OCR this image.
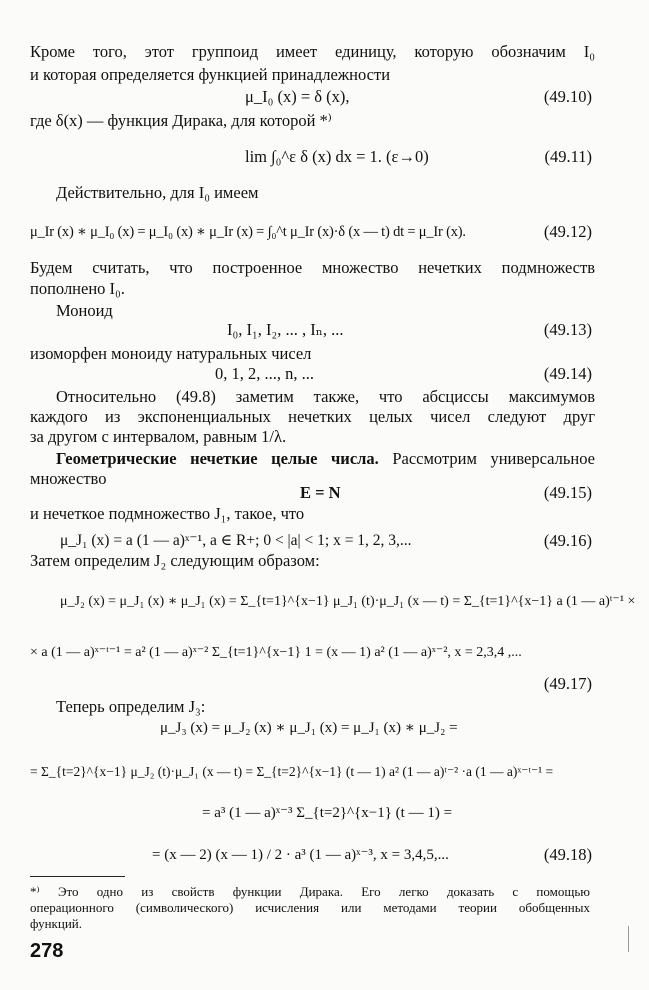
Кроме того, этот группоид имеет единицу, которую обозначим I₀
и которая определяется функцией принадлежности
μ_I₀ (x) = δ (x),	(49.10)
где δ(x) — функция Дирака, для которой *⁾
lim ∫₀^ε δ (x) dx = 1. (ε→0)	(49.11)
Действительно, для I₀ имеем
μ_Ir (x) ∗ μ_I₀ (x) = μ_I₀ (x) ∗ μ_Ir (x) = ∫₀^t μ_Ir (x)·δ (x — t) dt = μ_Ir (x).	(49.12)
Будем считать, что построенное множество нечетких подмножеств
пополнено I₀.
Моноид
I₀, I₁, I₂, ... , Iₙ, ...	(49.13)
изоморфен моноиду натуральных чисел
0, 1, 2, ..., n, ...	(49.14)
Относительно (49.8) заметим также, что абсциссы максимумов
каждого из экспоненциальных нечетких целых чисел следуют друг
за другом с интервалом, равным 1/λ.
Геометрические нечеткие целые числа. Рассмотрим универсальное
множество
E = N	(49.15)
и нечеткое подмножество J₁, такое, что
μ_J₁ (x) = a (1 — a)ˣ⁻¹, a ∈ R+; 0 < |a| < 1; x = 1, 2, 3,...	(49.16)
Затем определим J₂ следующим образом:
μ_J₂ (x) = μ_J₁ (x) ∗ μ_J₁ (x) = Σ_{t=1}^{x−1} μ_J₁ (t)·μ_J₁ (x — t) = Σ_{t=1}^{x−1} a (1 — a)ᵗ⁻¹ ×
× a (1 — a)ˣ⁻ᵗ⁻¹ = a² (1 — a)ˣ⁻² Σ_{t=1}^{x−1} 1 = (x — 1) a² (1 — a)ˣ⁻², x = 2,3,4 ,...
(49.17)
Теперь определим J₃:
μ_J₃ (x) = μ_J₂ (x) ∗ μ_J₁ (x) = μ_J₁ (x) ∗ μ_J₂ =
= Σ_{t=2}^{x−1} μ_J₂ (t)·μ_J₁ (x — t) = Σ_{t=2}^{x−1} (t — 1) a² (1 — a)ᵗ⁻² ·a (1 — a)ˣ⁻ᵗ⁻¹ =
= a³ (1 — a)ˣ⁻³ Σ_{t=2}^{x−1} (t — 1) =
= (x — 2) (x — 1) / 2 · a³ (1 — a)ˣ⁻³, x = 3,4,5,...	(49.18)
*⁾ Это одно из свойств функции Дирака. Его легко доказать с помощью
операционного (символического) исчисления или методами теории обобщенных
функций.
278
